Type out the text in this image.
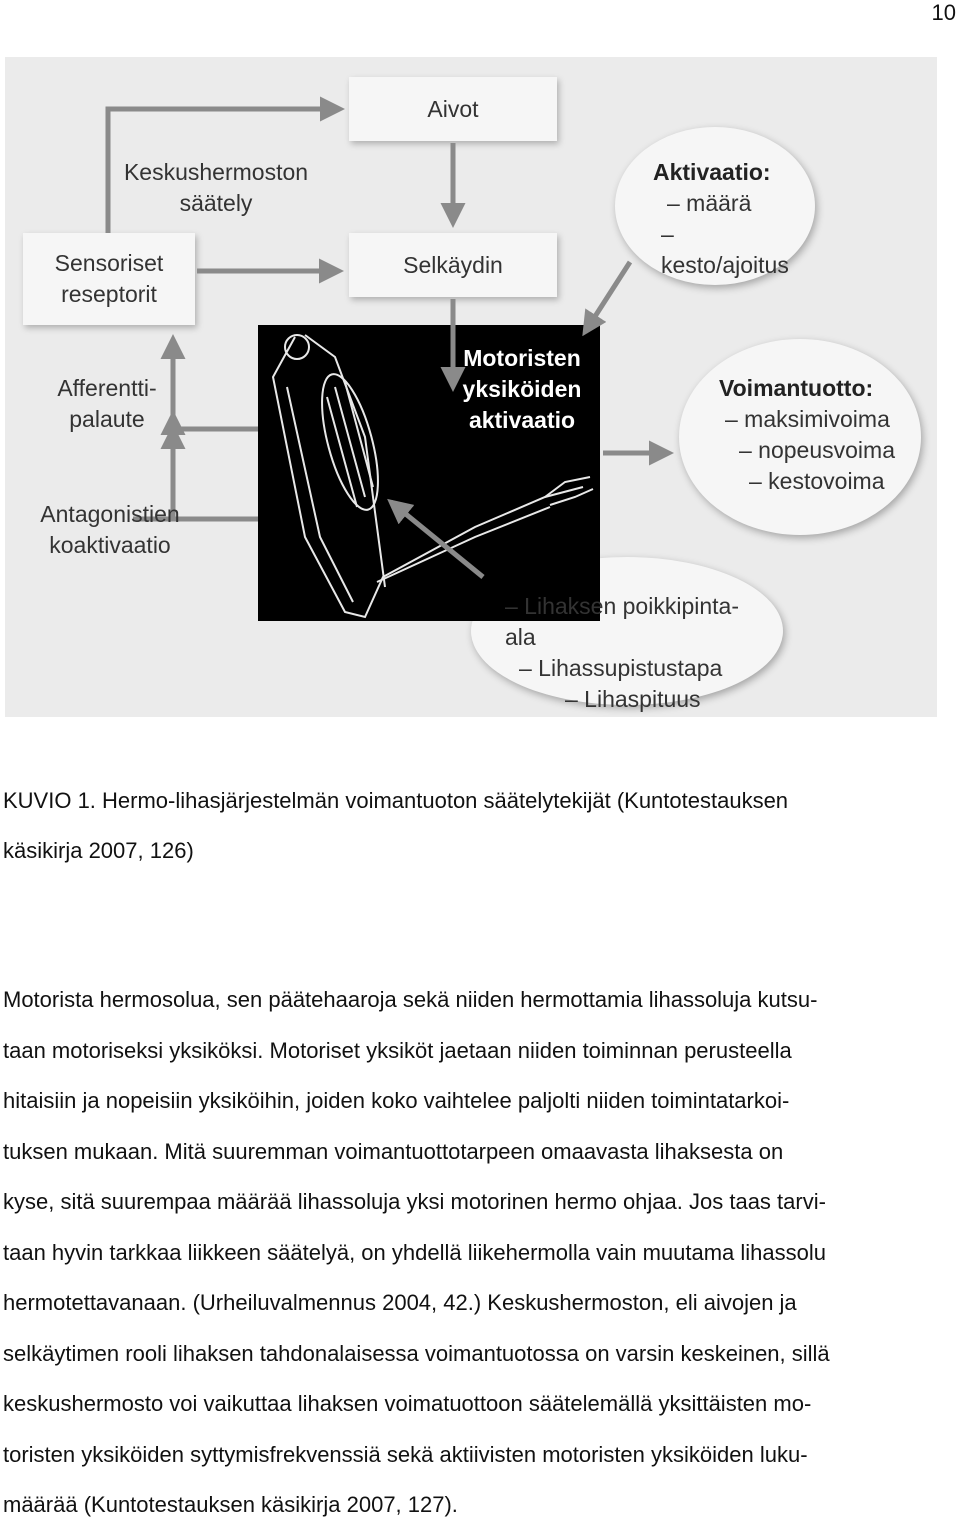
10
Aivot
Sensoriset
reseptorit
Selkäydin
Keskushermoston
säätely
Afferentti-
palaute
Antagonistien
koaktivaatio
Motoristen
yksiköiden
aktivaatio
Aktivaatio:
– määrä
– kesto/ajoitus
Voimantuotto:
– maksimivoima
– nopeusvoima
– kestovoima
– Lihaksen poikkipinta-ala
– Lihassupistustapa
– Lihaspituus
KUVIO 1. Hermo-lihasjärjestelmän voimantuoton säätelytekijät (Kuntotestauksen
käsikirja 2007, 126)
Motorista hermosolua, sen päätehaaroja sekä niiden hermottamia lihassoluja kutsu-
taan motoriseksi yksiköksi. Motoriset yksiköt jaetaan niiden toiminnan perusteella
hitaisiin ja nopeisiin yksiköihin, joiden koko vaihtelee paljolti niiden toimintatarkoi-
tuksen mukaan. Mitä suuremman voimantuottotarpeen omaavasta lihaksesta on
kyse, sitä suurempaa määrää lihassoluja yksi motorinen hermo ohjaa. Jos taas tarvi-
taan hyvin tarkkaa liikkeen säätelyä, on yhdellä liikehermolla vain muutama lihassolu
hermotettavanaan. (Urheiluvalmennus 2004, 42.) Keskushermoston, eli aivojen ja
selkäytimen rooli lihaksen tahdonalaisessa voimantuotossa on varsin keskeinen, sillä
keskushermosto voi vaikuttaa lihaksen voimatuottoon säätelemällä yksittäisten mo-
toristen yksiköiden syttymisfrekvenssiä sekä aktiivisten motoristen yksiköiden luku-
määrää (Kuntotestauksen käsikirja 2007, 127).
